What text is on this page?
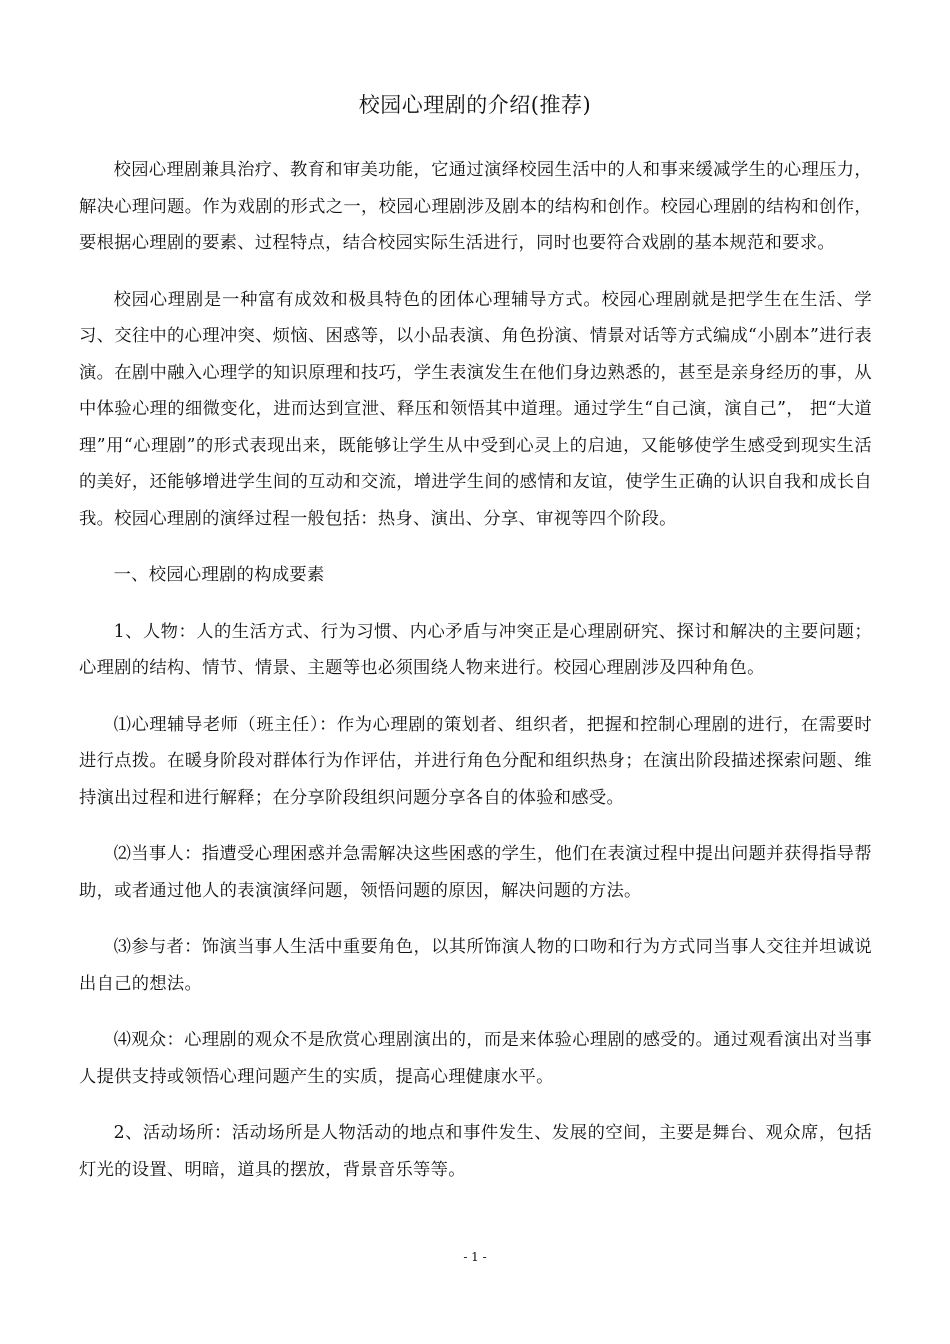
校园心理剧的介绍(推荐)

校园心理剧兼具治疗、教育和审美功能，它通过演绎校园生活中的人和事来缓减学生的心理压力，解决心理问题。作为戏剧的形式之一，校园心理剧涉及剧本的结构和创作。校园心理剧的结构和创作，要根据心理剧的要素、过程特点，结合校园实际生活进行，同时也要符合戏剧的基本规范和要求。

校园心理剧是一种富有成效和极具特色的团体心理辅导方式。校园心理剧就是把学生在生活、学习、交往中的心理冲突、烦恼、困惑等，以小品表演、角色扮演、情景对话等方式编成“小剧本”进行表演。在剧中融入心理学的知识原理和技巧，学生表演发生在他们身边熟悉的，甚至是亲身经历的事，从中体验心理的细微变化，进而达到宣泄、释压和领悟其中道理。通过学生“自己演，演自己”， 把“大道理”用“心理剧”的形式表现出来，既能够让学生从中受到心灵上的启迪，又能够使学生感受到现实生活的美好，还能够增进学生间的互动和交流，增进学生间的感情和友谊，使学生正确的认识自我和成长自我。校园心理剧的演绎过程一般包括：热身、演出、分享、审视等四个阶段。

一、校园心理剧的构成要素

1、人物：人的生活方式、行为习惯、内心矛盾与冲突正是心理剧研究、探讨和解决的主要问题；心理剧的结构、情节、情景、主题等也必须围绕人物来进行。校园心理剧涉及四种角色。

⑴心理辅导老师（班主任）：作为心理剧的策划者、组织者，把握和控制心理剧的进行，在需要时进行点拨。在暖身阶段对群体行为作评估，并进行角色分配和组织热身；在演出阶段描述探索问题、维持演出过程和进行解释；在分享阶段组织问题分享各自的体验和感受。

⑵当事人：指遭受心理困惑并急需解决这些困惑的学生，他们在表演过程中提出问题并获得指导帮助，或者通过他人的表演演绎问题，领悟问题的原因，解决问题的方法。

⑶参与者：饰演当事人生活中重要角色，以其所饰演人物的口吻和行为方式同当事人交往并坦诚说出自己的想法。

⑷观众：心理剧的观众不是欣赏心理剧演出的，而是来体验心理剧的感受的。通过观看演出对当事人提供支持或领悟心理问题产生的实质，提高心理健康水平。

2、活动场所：活动场所是人物活动的地点和事件发生、发展的空间，主要是舞台、观众席，包括灯光的设置、明暗，道具的摆放，背景音乐等等。

- 1 -
